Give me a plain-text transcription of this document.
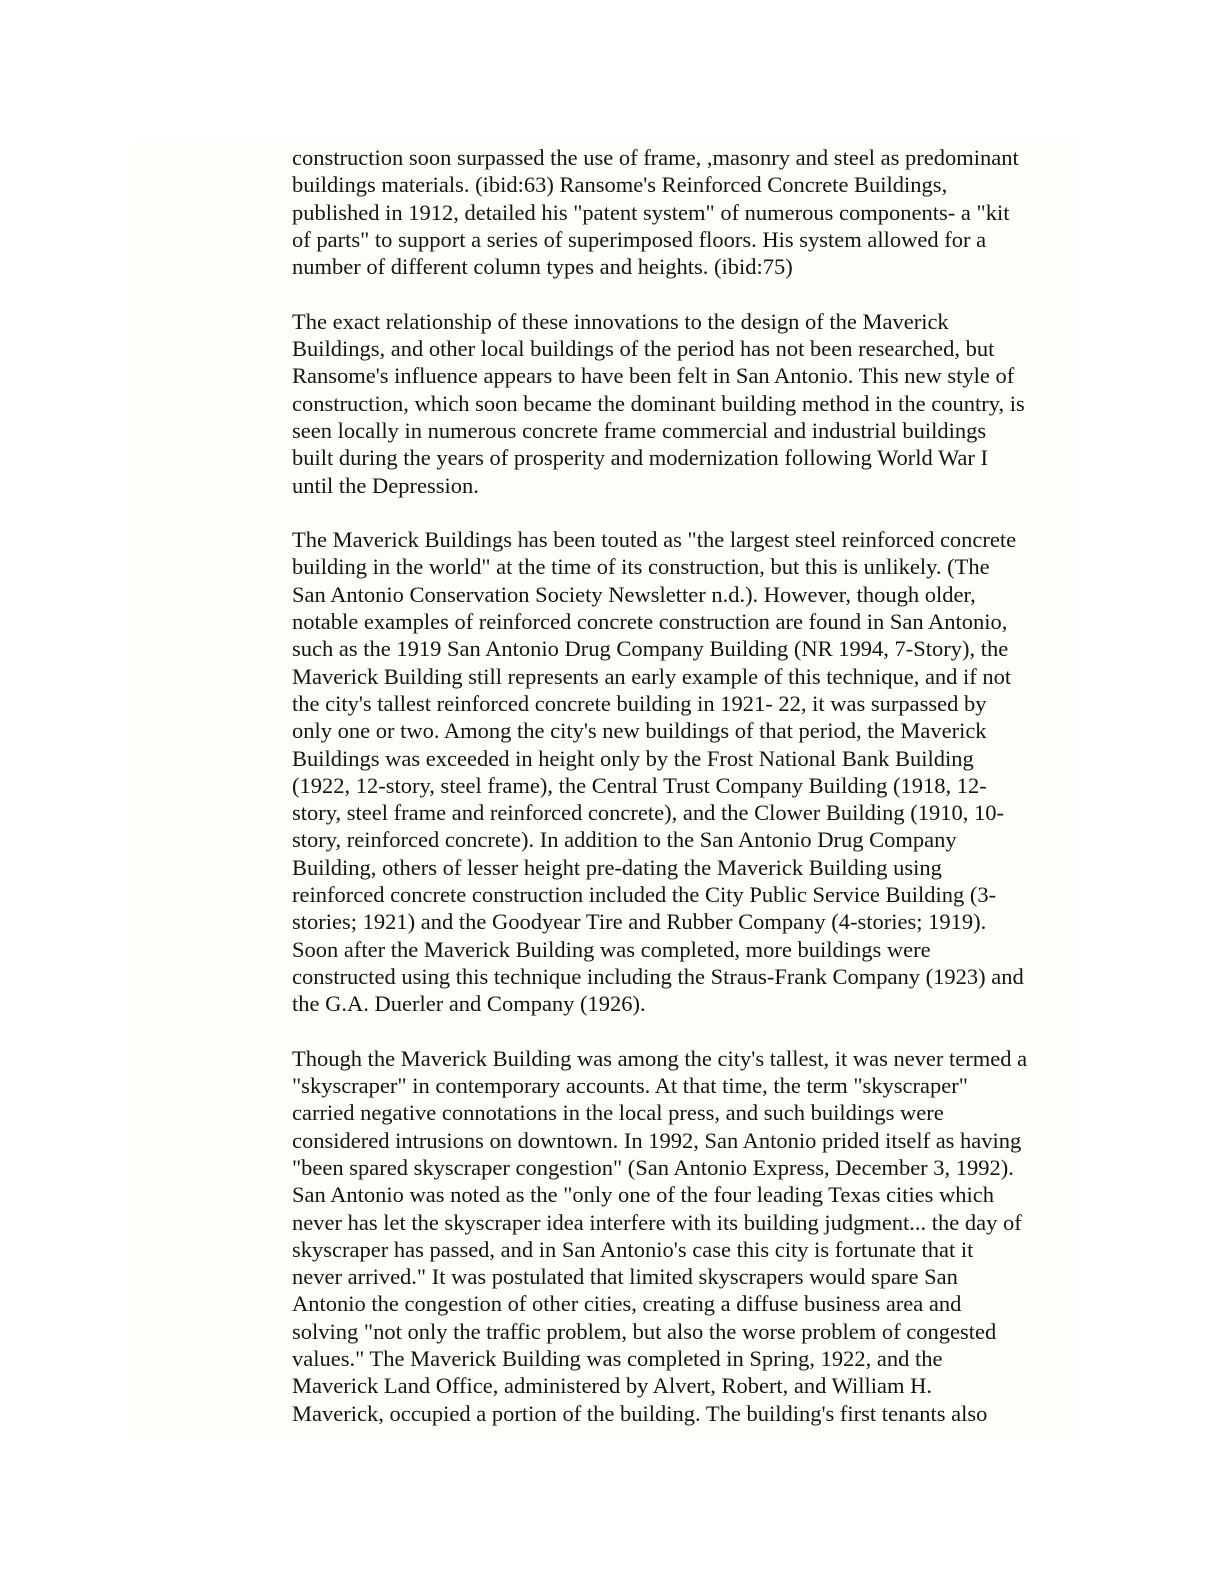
construction soon surpassed the use of frame, ,masonry and steel as predominant
buildings materials. (ibid:63) Ransome's Reinforced Concrete Buildings,
published in 1912, detailed his "patent system" of numerous components- a "kit
of parts" to support a series of superimposed floors. His system allowed for a
number of different column types and heights. (ibid:75)

The exact relationship of these innovations to the design of the Maverick
Buildings, and other local buildings of the period has not been researched, but
Ransome's influence appears to have been felt in San Antonio. This new style of
construction, which soon became the dominant building method in the country, is
seen locally in numerous concrete frame commercial and industrial buildings
built during the years of prosperity and modernization following World War I
until the Depression.

The Maverick Buildings has been touted as "the largest steel reinforced concrete
building in the world" at the time of its construction, but this is unlikely. (The
San Antonio Conservation Society Newsletter n.d.). However, though older,
notable examples of reinforced concrete construction are found in San Antonio,
such as the 1919 San Antonio Drug Company Building (NR 1994, 7-Story), the
Maverick Building still represents an early example of this technique, and if not
the city's tallest reinforced concrete building in 1921- 22, it was surpassed by
only one or two. Among the city's new buildings of that period, the Maverick
Buildings was exceeded in height only by the Frost National Bank Building
(1922, 12-story, steel frame), the Central Trust Company Building (1918, 12-
story, steel frame and reinforced concrete), and the Clower Building (1910, 10-
story, reinforced concrete). In addition to the San Antonio Drug Company
Building, others of lesser height pre-dating the Maverick Building using
reinforced concrete construction included the City Public Service Building (3-
stories; 1921) and the Goodyear Tire and Rubber Company (4-stories; 1919).
Soon after the Maverick Building was completed, more buildings were
constructed using this technique including the Straus-Frank Company (1923) and
the G.A. Duerler and Company (1926).

Though the Maverick Building was among the city's tallest, it was never termed a
"skyscraper" in contemporary accounts. At that time, the term "skyscraper"
carried negative connotations in the local press, and such buildings were
considered intrusions on downtown. In 1992, San Antonio prided itself as having
"been spared skyscraper congestion" (San Antonio Express, December 3, 1992).
San Antonio was noted as the "only one of the four leading Texas cities which
never has let the skyscraper idea interfere with its building judgment... the day of
skyscraper has passed, and in San Antonio's case this city is fortunate that it
never arrived." It was postulated that limited skyscrapers would spare San
Antonio the congestion of other cities, creating a diffuse business area and
solving "not only the traffic problem, but also the worse problem of congested
values." The Maverick Building was completed in Spring, 1922, and the
Maverick Land Office, administered by Alvert, Robert, and William H.
Maverick, occupied a portion of the building. The building's first tenants also
